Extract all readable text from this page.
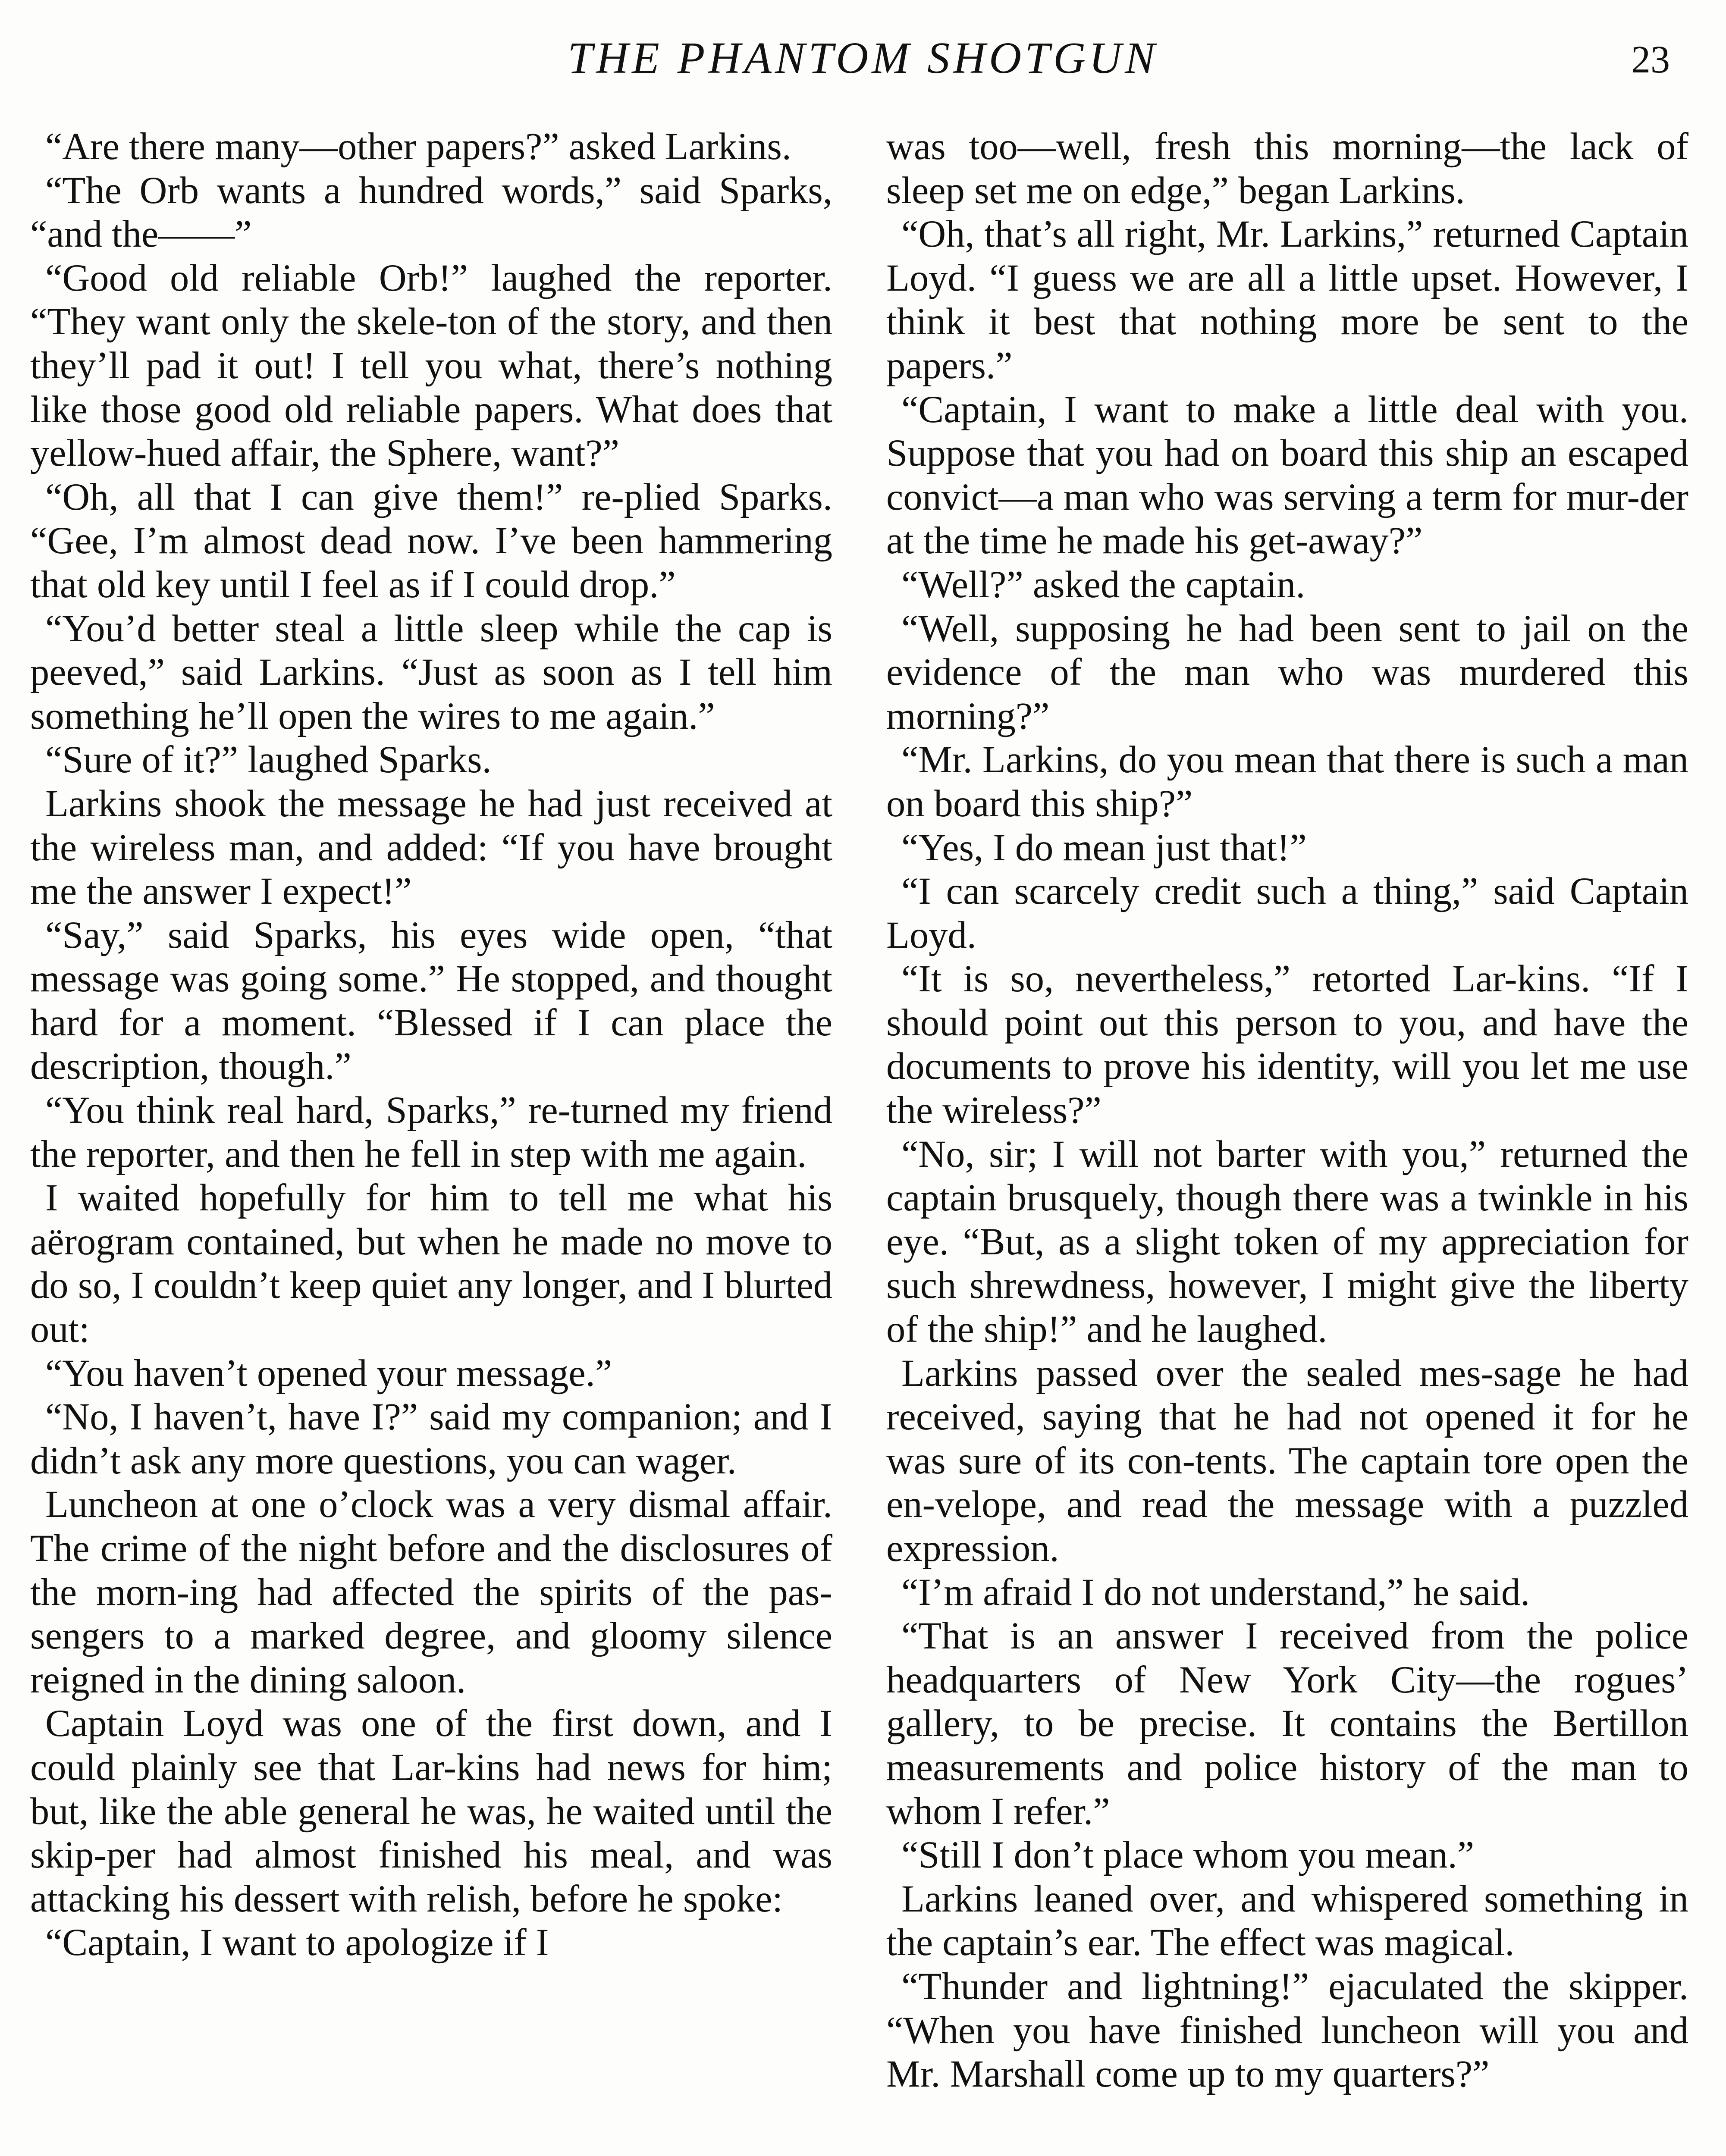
THE PHANTOM SHOTGUN	23

“Are there many—other papers?” asked Larkins.

“The Orb wants a hundred words,” said Sparks, “and the——”

“Good old reliable Orb!” laughed the reporter. “They want only the skele-ton of the story, and then they’ll pad it out! I tell you what, there’s nothing like those good old reliable papers. What does that yellow-hued affair, the Sphere, want?”

“Oh, all that I can give them!” re-plied Sparks. “Gee, I’m almost dead now. I’ve been hammering that old key until I feel as if I could drop.”

“You’d better steal a little sleep while the cap is peeved,” said Larkins. “Just as soon as I tell him something he’ll open the wires to me again.”

“Sure of it?” laughed Sparks.

Larkins shook the message he had just received at the wireless man, and added: “If you have brought me the answer I expect!”

“Say,” said Sparks, his eyes wide open, “that message was going some.” He stopped, and thought hard for a moment. “Blessed if I can place the description, though.”

“You think real hard, Sparks,” re-turned my friend the reporter, and then he fell in step with me again.

I waited hopefully for him to tell me what his aërogram contained, but when he made no move to do so, I couldn’t keep quiet any longer, and I blurted out:

“You haven’t opened your message.”

“No, I haven’t, have I?” said my companion; and I didn’t ask any more questions, you can wager.

Luncheon at one o’clock was a very dismal affair. The crime of the night before and the disclosures of the morn-ing had affected the spirits of the pas-sengers to a marked degree, and gloomy silence reigned in the dining saloon.

Captain Loyd was one of the first down, and I could plainly see that Lar-kins had news for him; but, like the able general he was, he waited until the skip-per had almost finished his meal, and was attacking his dessert with relish, before he spoke:

“Captain, I want to apologize if I

was too—well, fresh this morning—the lack of sleep set me on edge,” began Larkins.

“Oh, that’s all right, Mr. Larkins,” returned Captain Loyd. “I guess we are all a little upset. However, I think it best that nothing more be sent to the papers.”

“Captain, I want to make a little deal with you. Suppose that you had on board this ship an escaped convict—a man who was serving a term for mur-der at the time he made his get-away?”

“Well?” asked the captain.

“Well, supposing he had been sent to jail on the evidence of the man who was murdered this morning?”

“Mr. Larkins, do you mean that there is such a man on board this ship?”

“Yes, I do mean just that!”

“I can scarcely credit such a thing,” said Captain Loyd.

“It is so, nevertheless,” retorted Lar-kins. “If I should point out this person to you, and have the documents to prove his identity, will you let me use the wireless?”

“No, sir; I will not barter with you,” returned the captain brusquely, though there was a twinkle in his eye. “But, as a slight token of my appreciation for such shrewdness, however, I might give the liberty of the ship!” and he laughed.

Larkins passed over the sealed mes-sage he had received, saying that he had not opened it for he was sure of its con-tents. The captain tore open the en-velope, and read the message with a puzzled expression.

“I’m afraid I do not understand,” he said.

“That is an answer I received from the police headquarters of New York City—the rogues’ gallery, to be precise. It contains the Bertillon measurements and police history of the man to whom I refer.”

“Still I don’t place whom you mean.”

Larkins leaned over, and whispered something in the captain’s ear. The effect was magical.

“Thunder and lightning!” ejaculated the skipper. “When you have finished luncheon will you and Mr. Marshall come up to my quarters?”
